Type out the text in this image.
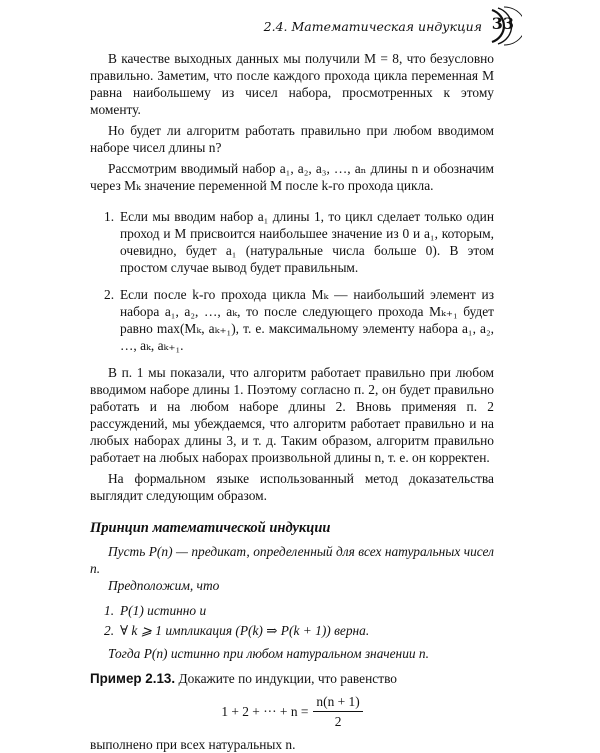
2.4. Математическая индукция 33

В качестве выходных данных мы получили M = 8, что безусловно правильно. Заметим, что после каждого прохода цикла переменная M равна наибольшему из чисел набора, просмотренных к этому моменту.

Но будет ли алгоритм работать правильно при любом вводимом наборе чисел длины n?

Рассмотрим вводимый набор a₁, a₂, a₃, …, aₙ длины n и обозначим через Mₖ значение переменной M после k-го прохода цикла.

1. Если мы вводим набор a₁ длины 1, то цикл сделает только один проход и M присвоится наибольшее значение из 0 и a₁, которым, очевидно, будет a₁ (натуральные числа больше 0). В этом простом случае вывод будет правильным.
2. Если после k-го прохода цикла Mₖ — наибольший элемент из набора a₁, a₂, …, aₖ, то после следующего прохода Mₖ₊₁ будет равно max(Mₖ, aₖ₊₁), т. е. максимальному элементу набора a₁, a₂, …, aₖ, aₖ₊₁.

В п. 1 мы показали, что алгоритм работает правильно при любом вводимом наборе длины 1. Поэтому согласно п. 2, он будет правильно работать и на любом наборе длины 2. Вновь применяя п. 2 рассуждений, мы убеждаемся, что алгоритм работает правильно и на любых наборах длины 3, и т. д. Таким образом, алгоритм правильно работает на любых наборах произвольной длины n, т. е. он корректен.

На формальном языке использованный метод доказательства выглядит следующим образом.

Принцип математической индукции

Пусть P(n) — предикат, определенный для всех натуральных чисел n.

Предположим, что

1. P(1) истинно и
2. ∀ k ⩾ 1 импликация (P(k) ⇒ P(k + 1)) верна.

Тогда P(n) истинно при любом натуральном значении n.

Пример 2.13. Докажите по индукции, что равенство

1 + 2 + ··· + $n = \frac{n(n + 1)}{2}$

выполнено при всех натуральных n.
